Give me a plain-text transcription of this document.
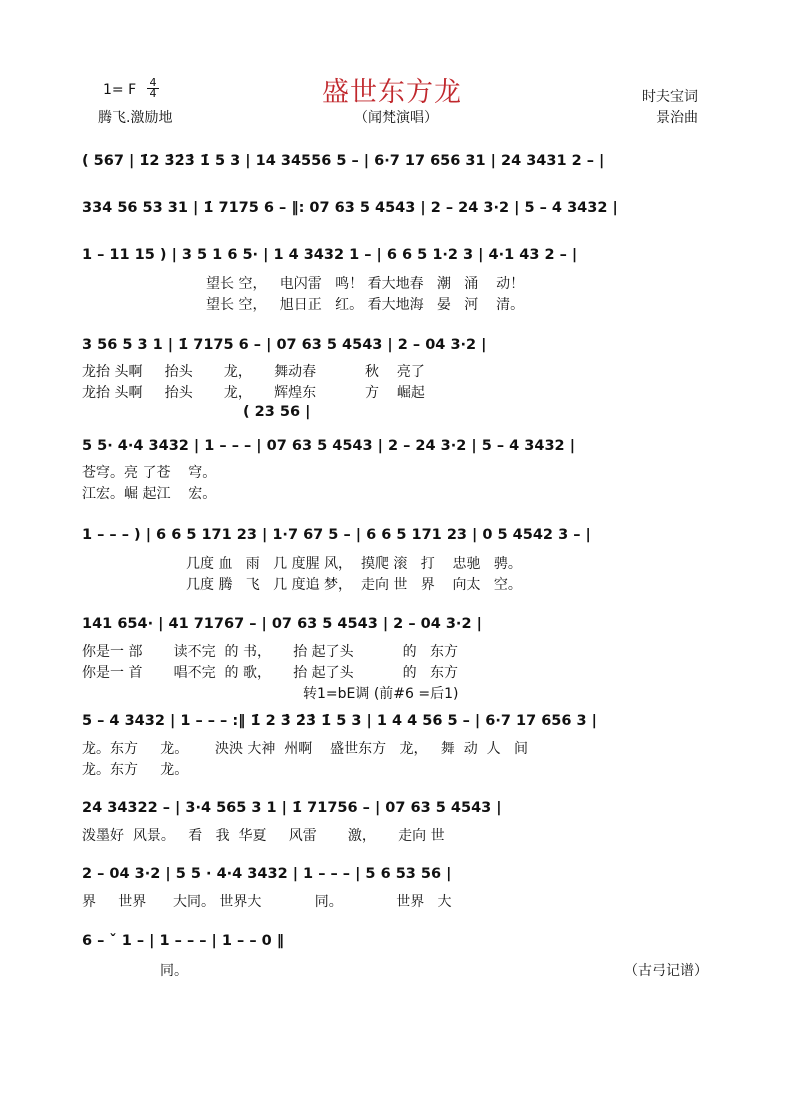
盛世东方龙
1= F 4
4
腾飞.激励地	（闻梵演唱）
时夫宝词
景治曲
( 567 | 1̇2 3̇2̇3̇ 1̇ 5 3 | 14 34556 5 – | 6·7 17 656 31 | 24 3431 2 – |
334 56 53 31 | 1̇ 7175 6 – ‖: 07 63 5 4543 | 2 – 24 3·2 | 5 – 4 3432 |
1 – 11 15 ) | 3 5 1 6 5· | 1 4 3432 1 – | 6 6 5 1·2 3 | 4·1 43 2 – |
望长 空，   电闪雷   鸣！ 看大地春   潮   涌    动！
望长 空，   旭日正   红。 看大地海   晏   河    清。
3 56 5 3 1 | 1̇ 7175 6 – | 07 63 5 4543 | 2 – 04 3·2 |
龙抬 头啊     抬头       龙，     舞动春           秋    亮了
龙抬 头啊     抬头       龙，     辉煌东           方    崛起
( 23 56 |
5 5· 4·4 3432 | 1 – – – | 07 63 5 4543 | 2 – 24 3·2 | 5 – 4 3432 |
苍穹。亮 了苍    穹。
江宏。崛 起江    宏。
1 – – – ) | 6 6 5 171 23 | 1·7 67 5 – | 6 6 5 171 23 | 0 5 4542 3 – |
几度 血   雨   几 度腥 风，  摸爬 滚   打    忠驰   骋。
几度 腾   飞   几 度追 梦，  走向 世   界    向太   空。
141 654· | 41 71767 – | 07 63 5 4543 | 2 – 04 3·2 |
你是一 部       读不完  的 书，     抬 起了头           的   东方
你是一 首       唱不完  的 歌，     抬 起了头           的   东方
转1=bE调 (前#6 =后1)
5 – 4 3432 | 1 – – – :‖ 1̇ 2 3̇ 2̇3̇ 1̇ 5 3 | 1 4 4 56 5 – | 6·7 17 656 3 |
龙。东方     龙。      泱泱 大神  州啊    盛世东方   龙，   舞  动  人   间
龙。东方     龙。
24 34322 – | 3·4 565 3 1 | 1̇ 71756 – | 07 63 5 4543 |
泼墨好  风景。   看   我  华夏     风雷       激，     走向 世
2 – 04 3·2 | 5 5 · 4·4 3432 | 1 – – – | 5 6 53 56 |
界     世界      大同。 世界大            同。            世界   大
6 – ˇ 1 – | 1 – – – | 1 – – 0 ‖
同。	（古弓记谱）
